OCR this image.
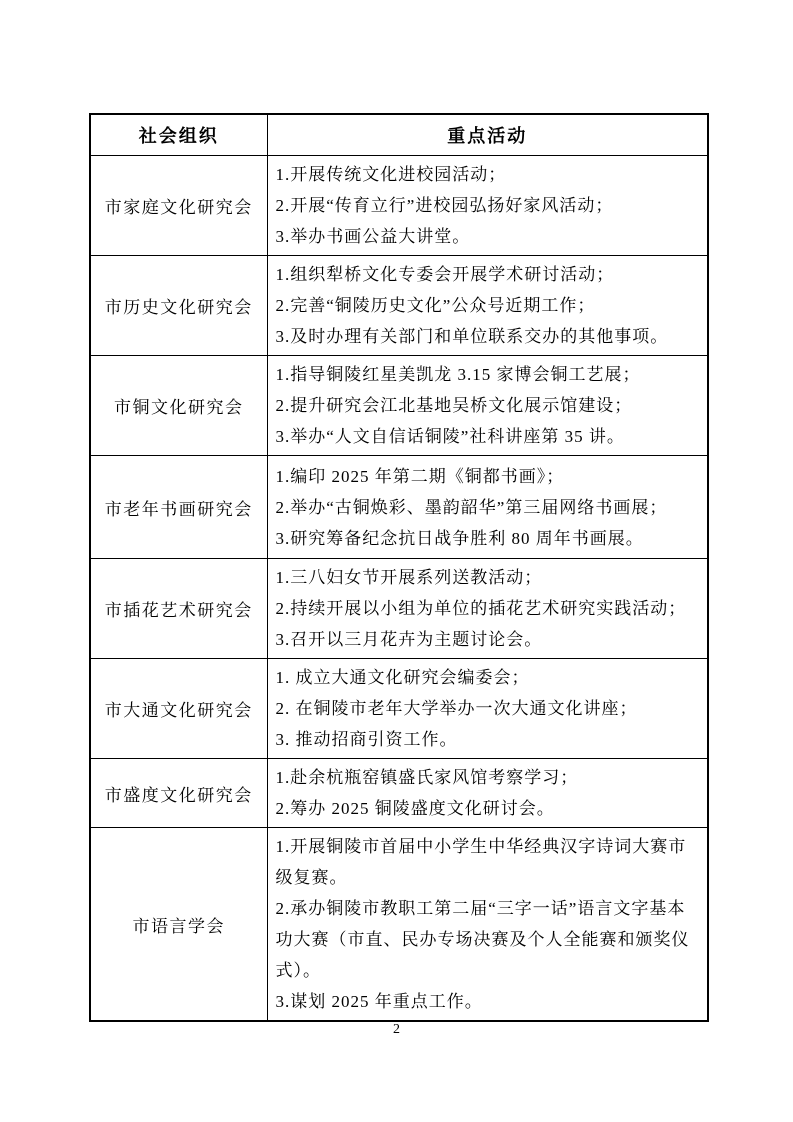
社会组织	重点活动
市家庭文化研究会	1.开展传统文化进校园活动；
2.开展“传育立行”进校园弘扬好家风活动；
3.举办书画公益大讲堂。

市历史文化研究会	1.组织犁桥文化专委会开展学术研讨活动；
2.完善“铜陵历史文化”公众号近期工作；
3.及时办理有关部门和单位联系交办的其他事项。

市铜文化研究会	1.指导铜陵红星美凯龙 3.15 家博会铜工艺展；
2.提升研究会江北基地吴桥文化展示馆建设；
3.举办“人文自信话铜陵”社科讲座第 35 讲。

市老年书画研究会	1.编印 2025 年第二期《铜都书画》；
2.举办“古铜焕彩、墨韵韶华”第三届网络书画展；
3.研究筹备纪念抗日战争胜利 80 周年书画展。

市插花艺术研究会	1.三八妇女节开展系列送教活动；
2.持续开展以小组为单位的插花艺术研究实践活动；
3.召开以三月花卉为主题讨论会。

市大通文化研究会	1. 成立大通文化研究会编委会；
2. 在铜陵市老年大学举办一次大通文化讲座；
3. 推动招商引资工作。

市盛度文化研究会	1.赴余杭瓶窑镇盛氏家风馆考察学习；
2.筹办 2025 铜陵盛度文化研讨会。

市语言学会	1.开展铜陵市首届中小学生中华经典汉字诗词大赛市级复赛。
2.承办铜陵市教职工第二届“三字一话”语言文字基本功大赛（市直、民办专场决赛及个人全能赛和颁奖仪式）。
3.谋划 2025 年重点工作。
2
